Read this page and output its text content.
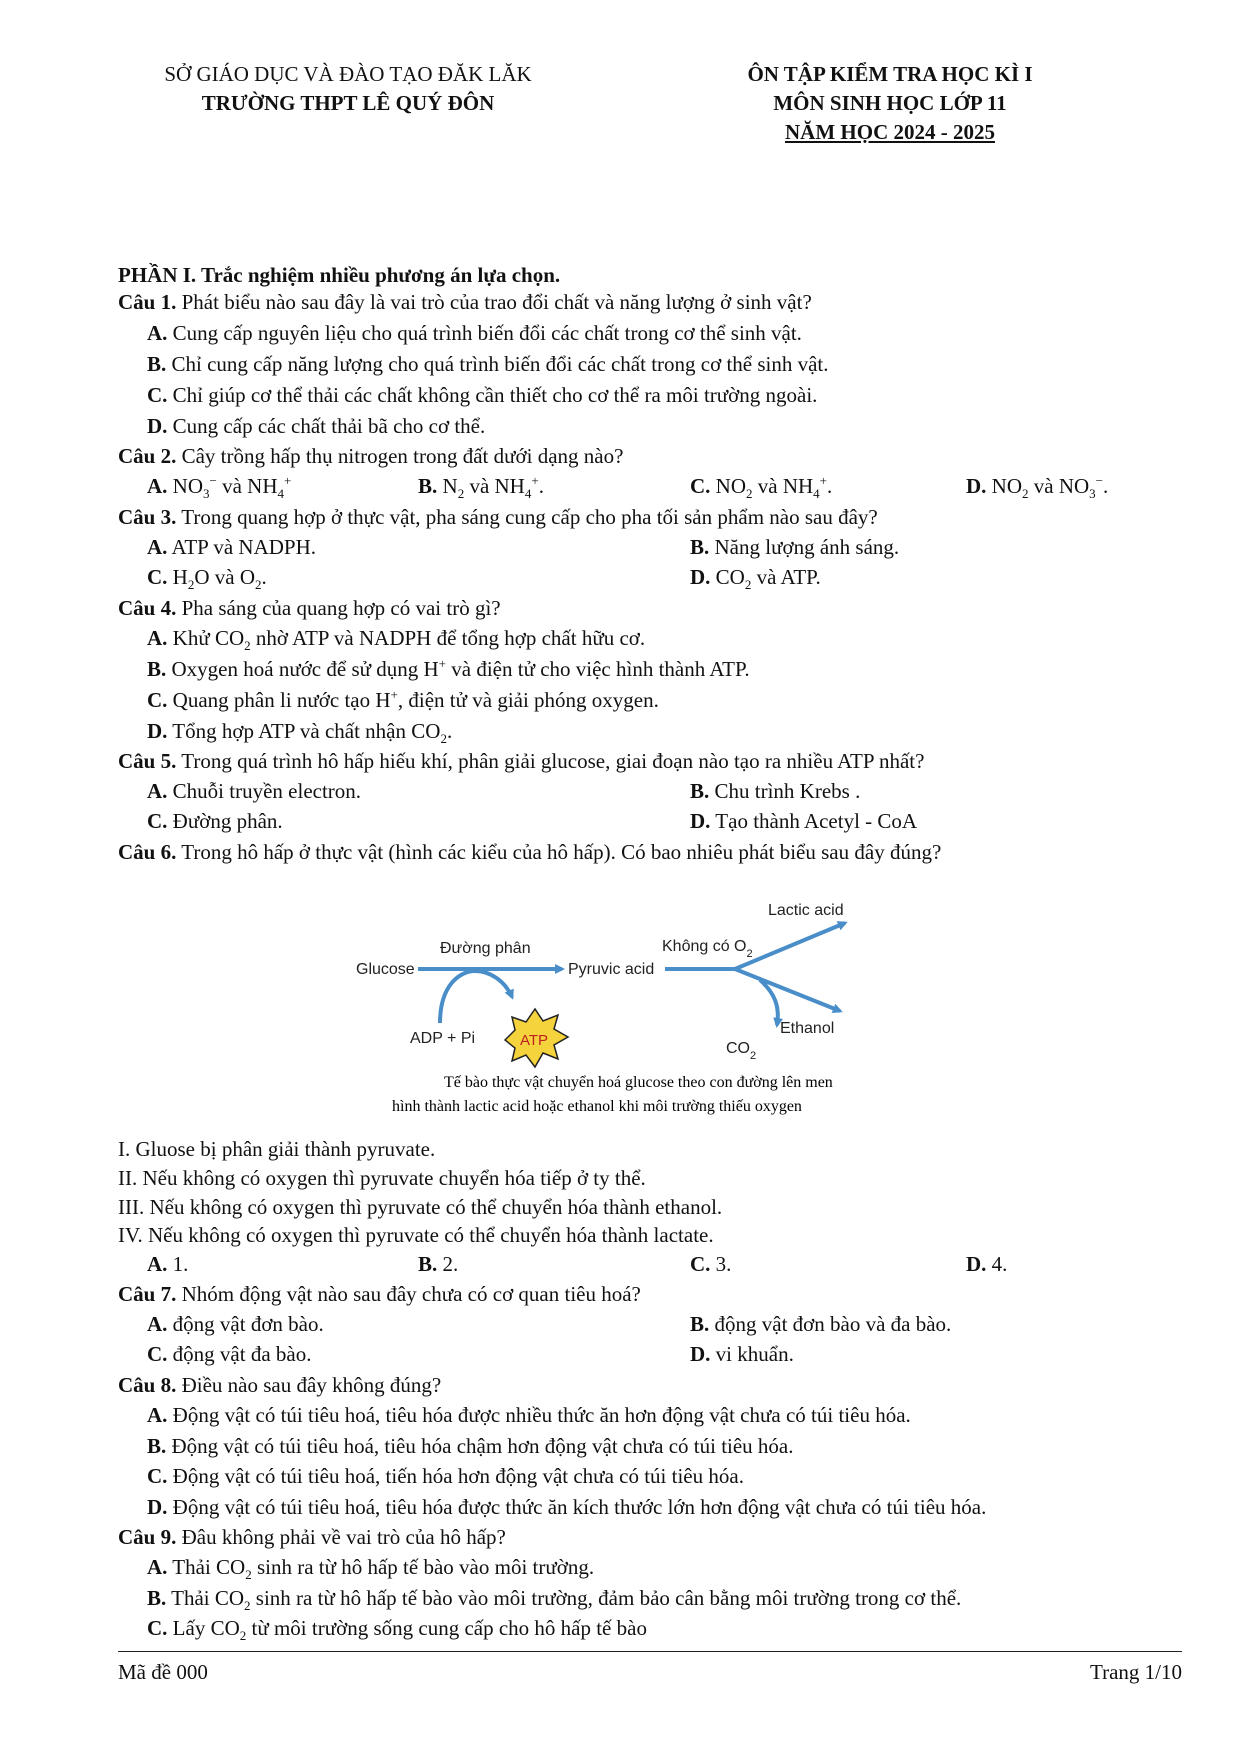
SỞ GIÁO DỤC VÀ ĐÀO TẠO ĐĂK LĂK
TRƯỜNG THPT LÊ QUÝ ĐÔN
ÔN TẬP KIỂM TRA HỌC KÌ I
MÔN SINH HỌC LỚP 11
NĂM HỌC 2024 - 2025
PHẦN I. Trắc nghiệm nhiều phương án lựa chọn.
Câu 1. Phát biểu nào sau đây là vai trò của trao đổi chất và năng lượng ở sinh vật?
A. Cung cấp nguyên liệu cho quá trình biến đổi các chất trong cơ thể sinh vật.
B. Chỉ cung cấp năng lượng cho quá trình biến đổi các chất trong cơ thể sinh vật.
C. Chỉ giúp cơ thể thải các chất không cần thiết cho cơ thể ra môi trường ngoài.
D. Cung cấp các chất thải bã cho cơ thể.
Câu 2. Cây trồng hấp thụ nitrogen trong đất dưới dạng nào?
A. $NO_3^-$ và $NH_4^+$	B. $N_2$ và $NH_4^+$.	C. $NO_2$ và $NH_4^+$.	D. $NO_2$ và $NO_3^-$.
Câu 3. Trong quang hợp ở thực vật, pha sáng cung cấp cho pha tối sản phẩm nào sau đây?
A. ATP và NADPH.	B. Năng lượng ánh sáng.
C. $H_2O$ và $O_2$.	D. $CO_2$ và ATP.
Câu 4. Pha sáng của quang hợp có vai trò gì?
A. Khử $CO_2$ nhờ ATP và NADPH để tổng hợp chất hữu cơ.
B. Oxygen hoá nước để sử dụng H+ và điện tử cho việc hình thành ATP.
C. Quang phân li nước tạo H+, điện tử và giải phóng oxygen.
D. Tổng hợp ATP và chất nhận $CO_2$.
Câu 5. Trong quá trình hô hấp hiếu khí, phân giải glucose, giai đoạn nào tạo ra nhiều ATP nhất?
A. Chuỗi truyền electron.	B. Chu trình Krebs .
C. Đường phân.	D. Tạo thành Acetyl - CoA
Câu 6. Trong hô hấp ở thực vật (hình các kiểu của hô hấp). Có bao nhiêu phát biểu sau đây đúng?
Glucose
Đường phân
Pyruvic acid
ADP + Pi	ATP
Không có $O_2$
Lactic acid
Ethanol
$CO_2$
Tế bào thực vật chuyển hoá glucose theo con đường lên men
hình thành lactic acid hoặc ethanol khi môi trường thiếu oxygen
I. Gluose bị phân giải thành pyruvate.
II. Nếu không có oxygen thì pyruvate chuyển hóa tiếp ở ty thể.
III. Nếu không có oxygen thì pyruvate có thể chuyển hóa thành ethanol.
IV. Nếu không có oxygen thì pyruvate có thể chuyển hóa thành lactate.
A. 1.	B. 2.	C. 3.	D. 4.
Câu 7. Nhóm động vật nào sau đây chưa có cơ quan tiêu hoá?
A. động vật đơn bào.	B. động vật đơn bào và đa bào.
C. động vật đa bào.	D. vi khuẩn.
Câu 8. Điều nào sau đây không đúng?
A. Động vật có túi tiêu hoá, tiêu hóa được nhiều thức ăn hơn động vật chưa có túi tiêu hóa.
B. Động vật có túi tiêu hoá, tiêu hóa chậm hơn động vật chưa có túi tiêu hóa.
C. Động vật có túi tiêu hoá, tiến hóa hơn động vật chưa có túi tiêu hóa.
D. Động vật có túi tiêu hoá, tiêu hóa được thức ăn kích thước lớn hơn động vật chưa có túi tiêu hóa.
Câu 9. Đâu không phải về vai trò của hô hấp?
A. Thải $CO_2$ sinh ra từ hô hấp tế bào vào môi trường.
B. Thải $CO_2$ sinh ra từ hô hấp tế bào vào môi trường, đảm bảo cân bằng môi trường trong cơ thể.
C. Lấy $CO_2$ từ môi trường sống cung cấp cho hô hấp tế bào
Mã đề 000	Trang 1/10
